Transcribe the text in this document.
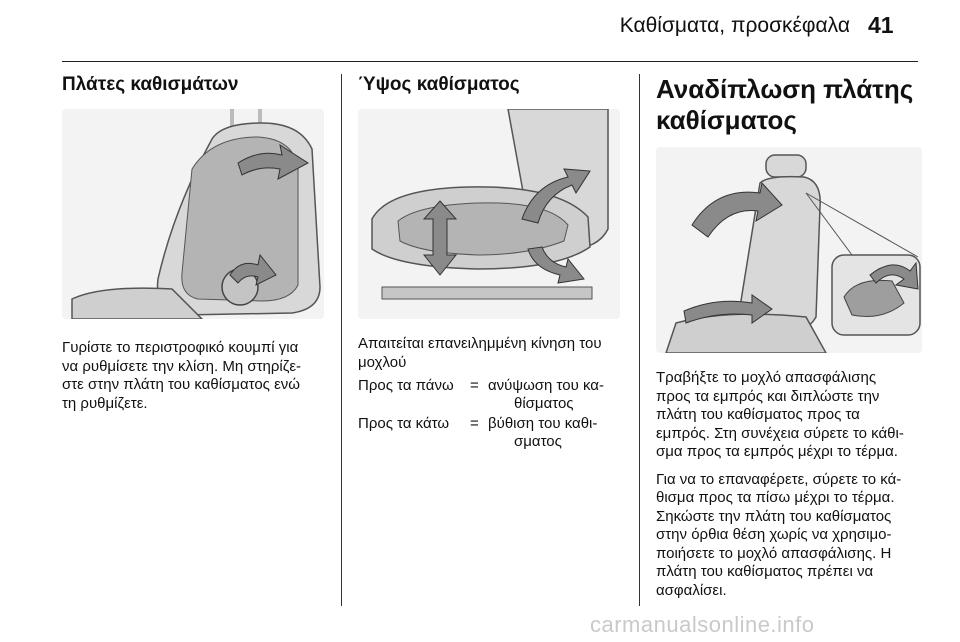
Καθίσματα, προσκέφαλα 41
Πλάτες καθισμάτων

Γυρίστε το περιστροφικό κουμπί για
να ρυθμίσετε την κλίση. Μη στηρίζε-
στε στην πλάτη του καθίσματος ενώ
τη ρυθμίζετε.

Ύψος καθίσματος

Απαιτείται επανειλημμένη κίνηση του
μοχλού

Προς τα πάνω	= ανύψωση του κα-
θίσματος
Προς τα κάτω	= βύθιση του καθι-
σματος
Αναδίπλωση πλάτης
καθίσματος

Τραβήξτε το μοχλό απασφάλισης
προς τα εμπρός και διπλώστε την
πλάτη του καθίσματος προς τα
εμπρός. Στη συνέχεια σύρετε το κάθι-
σμα προς τα εμπρός μέχρι το τέρμα.

Για να το επαναφέρετε, σύρετε το κά-
θισμα προς τα πίσω μέχρι το τέρμα.
Σηκώστε την πλάτη του καθίσματος
στην όρθια θέση χωρίς να χρησιμο-
ποιήσετε το μοχλό απασφάλισης. Η
πλάτη του καθίσματος πρέπει να
ασφαλίσει.

carmanualsonline.info
